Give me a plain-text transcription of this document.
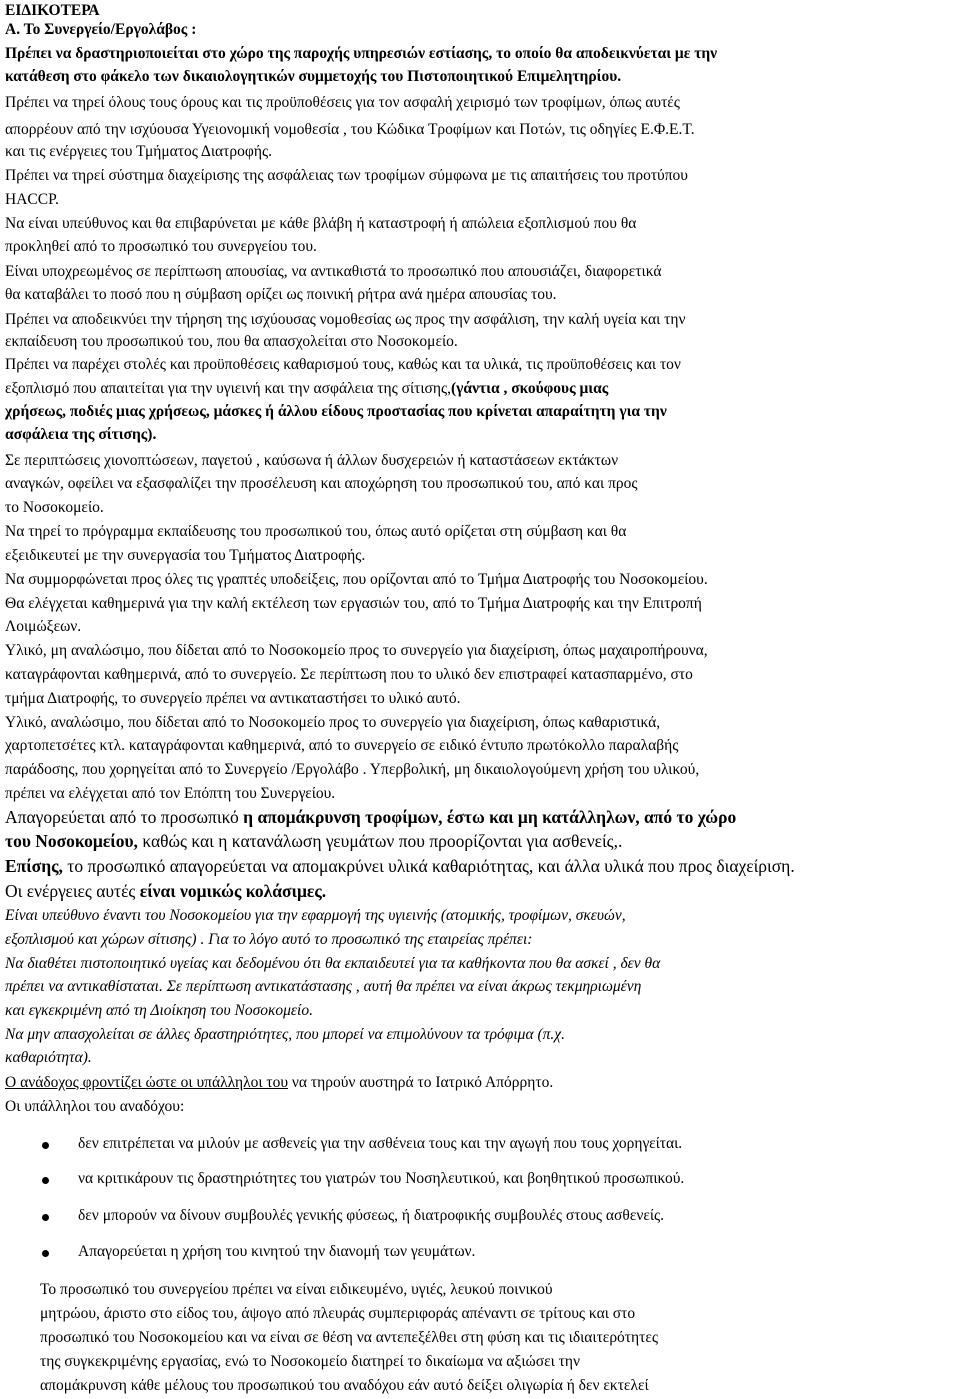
ΕΙΔΙΚΟΤΕΡΑ
Α. Το Συνεργείο/Εργολάβος :
Πρέπει να δραστηριοποιείται στο χώρο της παροχής υπηρεσιών εστίασης, το οποίο θα αποδεικνύεται με την
κατάθεση στο φάκελο των δικαιολογητικών συμμετοχής του Πιστοποιητικού Επιμελητηρίου.
Πρέπει να τηρεί όλους τους όρους και τις προϋποθέσεις για τον ασφαλή χειρισμό των τροφίμων, όπως αυτές
απορρέουν από την ισχύουσα Υγειονομική νομοθεσία , του Κώδικα Τροφίμων και Ποτών, τις οδηγίες Ε.Φ.Ε.Τ.
και τις ενέργειες του Τμήματος Διατροφής.
Πρέπει να τηρεί σύστημα διαχείρισης της ασφάλειας των τροφίμων σύμφωνα με τις απαιτήσεις του προτύπου
HACCP.
Να είναι υπεύθυνος και θα επιβαρύνεται με κάθε βλάβη ή καταστροφή ή απώλεια εξοπλισμού που θα
προκληθεί από το προσωπικό του συνεργείου του.
Είναι υποχρεωμένος σε περίπτωση απουσίας, να αντικαθιστά το προσωπικό που απουσιάζει, διαφορετικά
θα καταβάλει το ποσό που η σύμβαση ορίζει ως ποινική ρήτρα ανά ημέρα απουσίας του.
Πρέπει να αποδεικνύει την τήρηση της ισχύουσας νομοθεσίας ως προς την ασφάλιση, την καλή υγεία και την
εκπαίδευση του προσωπικού του, που θα απασχολείται στο Νοσοκομείο.
Πρέπει να παρέχει στολές και προϋποθέσεις καθαρισμού τους, καθώς και τα υλικά, τις προϋποθέσεις και τον
εξοπλισμό που απαιτείται για την υγιεινή και την ασφάλεια της σίτισης,(γάντια , σκούφους μιας
χρήσεως, ποδιές μιας χρήσεως, μάσκες ή άλλου είδους προστασίας που κρίνεται απαραίτητη για την
ασφάλεια της σίτισης).
Σε περιπτώσεις χιονοπτώσεων, παγετού , καύσωνα ή άλλων δυσχερειών ή καταστάσεων εκτάκτων
αναγκών, οφείλει να εξασφαλίζει την προσέλευση και αποχώρηση του προσωπικού του, από και προς
το Νοσοκομείο.
Να τηρεί το πρόγραμμα εκπαίδευσης του προσωπικού του, όπως αυτό ορίζεται στη σύμβαση και θα
εξειδικευτεί με την συνεργασία του Τμήματος Διατροφής.
Να συμμορφώνεται προς όλες τις γραπτές υποδείξεις, που ορίζονται από το Τμήμα Διατροφής του Νοσοκομείου.
Θα ελέγχεται καθημερινά για την καλή εκτέλεση των εργασιών του, από το Τμήμα Διατροφής και την Επιτροπή
Λοιμώξεων.
Υλικό, μη αναλώσιμο, που δίδεται από το Νοσοκομείο προς το συνεργείο για διαχείριση, όπως μαχαιροπήρουνα,
καταγράφονται καθημερινά, από το συνεργείο. Σε περίπτωση που το υλικό δεν επιστραφεί κατασπαρμένο, στο
τμήμα Διατροφής, το συνεργείο πρέπει να αντικαταστήσει το υλικό αυτό.
Υλικό, αναλώσιμο, που δίδεται από το Νοσοκομείο προς το συνεργείο για διαχείριση, όπως καθαριστικά,
χαρτοπετσέτες κτλ. καταγράφονται καθημερινά, από το συνεργείο σε ειδικό έντυπο πρωτόκολλο παραλαβής
παράδοσης, που χορηγείται από το Συνεργείο /Εργολάβο . Υπερβολική, μη δικαιολογούμενη χρήση του υλικού,
πρέπει να ελέγχεται από τον Επόπτη του Συνεργείου.
Απαγορεύεται από το προσωπικό η απομάκρυνση τροφίμων, έστω και μη κατάλληλων, από το χώρο
του Νοσοκομείου, καθώς και η κατανάλωση γευμάτων που προορίζονται για ασθενείς,.
Επίσης, το προσωπικό απαγορεύεται να απομακρύνει υλικά καθαριότητας, και άλλα υλικά που προς διαχείριση.
Οι ενέργειες αυτές είναι νομικώς κολάσιμες.
Είναι υπεύθυνο έναντι του Νοσοκομείου για την εφαρμογή της υγιεινής (ατομικής, τροφίμων, σκευών,
εξοπλισμού και χώρων σίτισης) . Για το λόγο αυτό το προσωπικό της εταιρείας πρέπει:
Να διαθέτει πιστοποιητικό υγείας και δεδομένου ότι θα εκπαιδευτεί για τα καθήκοντα που θα ασκεί , δεν θα
πρέπει να αντικαθίσταται. Σε περίπτωση αντικατάστασης , αυτή θα πρέπει να είναι άκρως τεκμηριωμένη
και εγκεκριμένη από τη Διοίκηση του Νοσοκομείο.
Να μην απασχολείται σε άλλες δραστηριότητες, που μπορεί να επιμολύνουν τα τρόφιμα (π.χ.
καθαριότητα).
Ο ανάδοχος φροντίζει ώστε οι υπάλληλοι του να τηρούν αυστηρά το Ιατρικό Απόρρητο.
Οι υπάλληλοι του αναδόχου:
δεν επιτρέπεται να μιλούν με ασθενείς για την ασθένεια τους και την αγωγή που τους χορηγείται.
να κριτικάρουν τις δραστηριότητες του γιατρών του Νοσηλευτικού, και βοηθητικού προσωπικού.
δεν μπορούν να δίνουν συμβουλές γενικής φύσεως, ή διατροφικής συμβουλές στους ασθενείς.
Απαγορεύεται η χρήση του κινητού την διανομή των γευμάτων.
Το προσωπικό του συνεργείου πρέπει να είναι ειδικευμένο, υγιές, λευκού ποινικού
μητρώου, άριστο στο είδος του, άψογο από πλευράς συμπεριφοράς απέναντι σε τρίτους και στο
προσωπικό του Νοσοκομείου και να είναι σε θέση να αντεπεξέλθει στη φύση και τις ιδιαιτερότητες
της συγκεκριμένης εργασίας, ενώ το Νοσοκομείο διατηρεί το δικαίωμα να αξιώσει την
απομάκρυνση κάθε μέλους του προσωπικού του αναδόχου εάν αυτό δείξει ολιγωρία ή δεν εκτελεί
